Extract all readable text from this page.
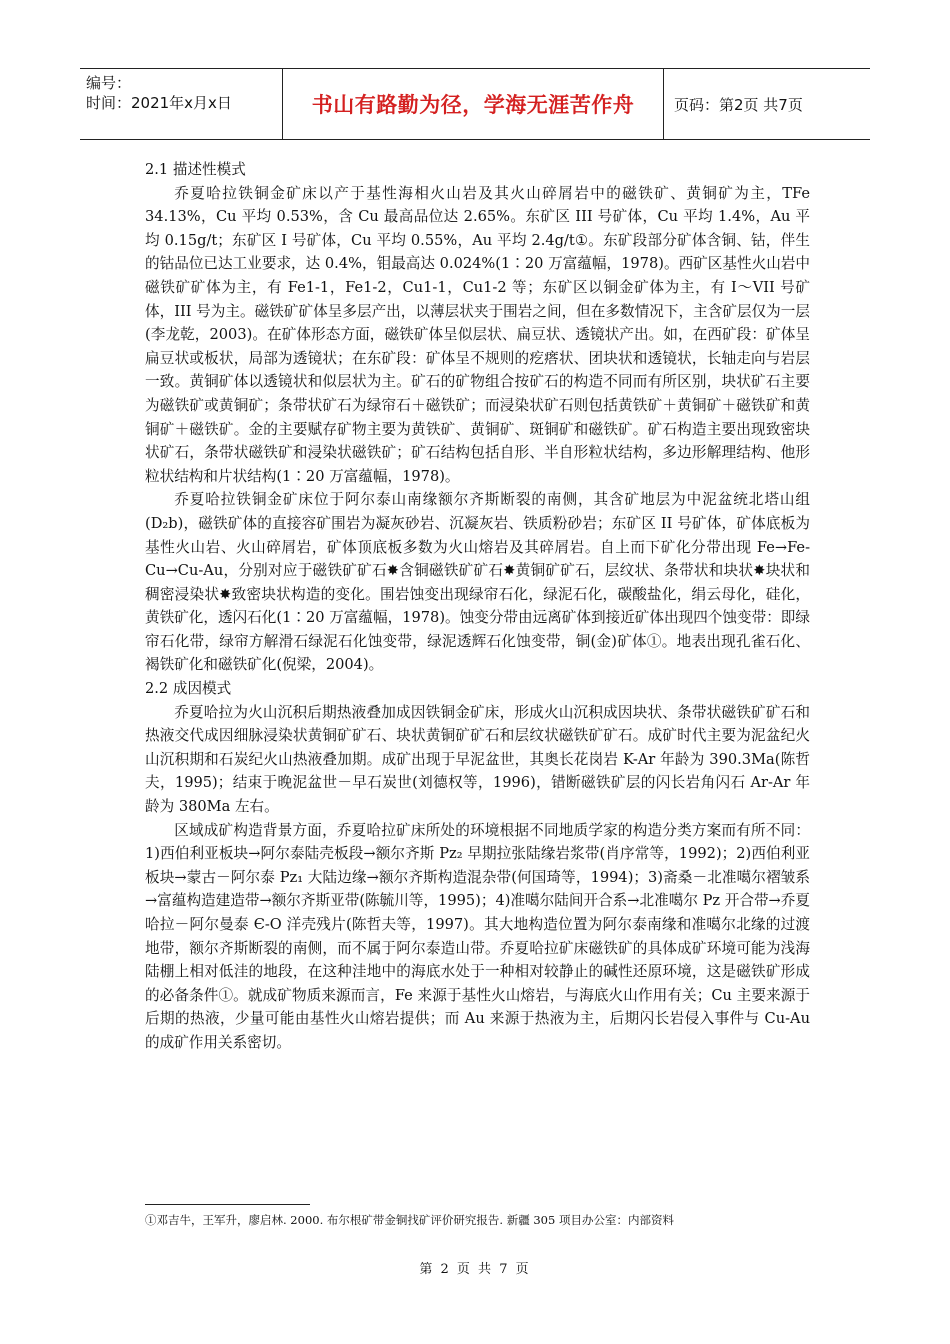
编号：
时间：2021年x月x日	书山有路勤为径，学海无涯苦作舟	页码：第2页 共7页
2.1 描述性模式

乔夏哈拉铁铜金矿床以产于基性海相火山岩及其火山碎屑岩中的磁铁矿、黄铜矿为主，TFe 34.13%，Cu 平均 0.53%，含 Cu 最高品位达 2.65%。东矿区 III 号矿体，Cu 平均 1.4%，Au 平均 0.15g/t；东矿区 I 号矿体，Cu 平均 0.55%，Au 平均 2.4g/t①。东矿段部分矿体含铜、钴，伴生的钴品位已达工业要求，达 0.4%，钼最高达 0.024%(1∶20 万富蕴幅，1978)。西矿区基性火山岩中磁铁矿矿体为主，有 Fe1-1，Fe1-2，Cu1-1，Cu1-2 等；东矿区以铜金矿体为主，有 I～VII 号矿体，III 号为主。磁铁矿矿体呈多层产出，以薄层状夹于围岩之间，但在多数情况下，主含矿层仅为一层(李龙乾，2003)。在矿体形态方面，磁铁矿体呈似层状、扁豆状、透镜状产出。如，在西矿段：矿体呈扁豆状或板状，局部为透镜状；在东矿段：矿体呈不规则的疙瘩状、团块状和透镜状，长轴走向与岩层一致。黄铜矿体以透镜状和似层状为主。矿石的矿物组合按矿石的构造不同而有所区别，块状矿石主要为磁铁矿或黄铜矿；条带状矿石为绿帘石＋磁铁矿；而浸染状矿石则包括黄铁矿＋黄铜矿＋磁铁矿和黄铜矿＋磁铁矿。金的主要赋存矿物主要为黄铁矿、黄铜矿、斑铜矿和磁铁矿。矿石构造主要出现致密块状矿石，条带状磁铁矿和浸染状磁铁矿；矿石结构包括自形、半自形粒状结构，多边形解理结构、他形粒状结构和片状结构(1∶20 万富蕴幅，1978)。

乔夏哈拉铁铜金矿床位于阿尔泰山南缘额尔齐斯断裂的南侧，其含矿地层为中泥盆统北塔山组(D₂b)，磁铁矿体的直接容矿围岩为凝灰砂岩、沉凝灰岩、铁质粉砂岩；东矿区 II 号矿体，矿体底板为基性火山岩、火山碎屑岩，矿体顶底板多数为火山熔岩及其碎屑岩。自上而下矿化分带出现 Fe→Fe-Cu→Cu-Au，分别对应于磁铁矿矿石✸含铜磁铁矿矿石✸黄铜矿矿石，层纹状、条带状和块状✸块状和稠密浸染状✸致密块状构造的变化。围岩蚀变出现绿帘石化，绿泥石化，碳酸盐化，绢云母化，硅化，黄铁矿化，透闪石化(1∶20 万富蕴幅，1978)。蚀变分带由远离矿体到接近矿体出现四个蚀变带：即绿帘石化带，绿帘方解滑石绿泥石化蚀变带，绿泥透辉石化蚀变带，铜(金)矿体①。地表出现孔雀石化、褐铁矿化和磁铁矿化(倪梁，2004)。

2.2 成因模式

乔夏哈拉为火山沉积后期热液叠加成因铁铜金矿床，形成火山沉积成因块状、条带状磁铁矿矿石和热液交代成因细脉浸染状黄铜矿矿石、块状黄铜矿矿石和层纹状磁铁矿矿石。成矿时代主要为泥盆纪火山沉积期和石炭纪火山热液叠加期。成矿出现于早泥盆世，其奥长花岗岩 K-Ar 年龄为 390.3Ma(陈哲夫，1995)；结束于晚泥盆世－早石炭世(刘德权等，1996)，错断磁铁矿层的闪长岩角闪石 Ar-Ar 年龄为 380Ma 左右。

区域成矿构造背景方面，乔夏哈拉矿床所处的环境根据不同地质学家的构造分类方案而有所不同：1)西伯利亚板块→阿尔泰陆壳板段→额尔齐斯 Pz₂ 早期拉张陆缘岩浆带(肖序常等，1992)；2)西伯利亚板块→蒙古－阿尔泰 Pz₁ 大陆边缘→额尔齐斯构造混杂带(何国琦等，1994)；3)斋桑－北准噶尔褶皱系→富蕴构造建造带→额尔齐斯亚带(陈毓川等，1995)；4)准噶尔陆间开合系→北准噶尔 Pz 开合带→乔夏哈拉－阿尔曼泰 Є-O 洋壳残片(陈哲夫等，1997)。其大地构造位置为阿尔泰南缘和准噶尔北缘的过渡地带，额尔齐斯断裂的南侧，而不属于阿尔泰造山带。乔夏哈拉矿床磁铁矿的具体成矿环境可能为浅海陆棚上相对低洼的地段，在这种洼地中的海底水处于一种相对较静止的碱性还原环境，这是磁铁矿形成的必备条件①。就成矿物质来源而言，Fe 来源于基性火山熔岩，与海底火山作用有关；Cu 主要来源于后期的热液，少量可能由基性火山熔岩提供；而 Au 来源于热液为主，后期闪长岩侵入事件与 Cu-Au 的成矿作用关系密切。

①邓吉牛，王军升，廖启林. 2000. 布尔根矿带金铜找矿评价研究报告. 新疆 305 项目办公室：内部资料
第 2 页 共 7 页
